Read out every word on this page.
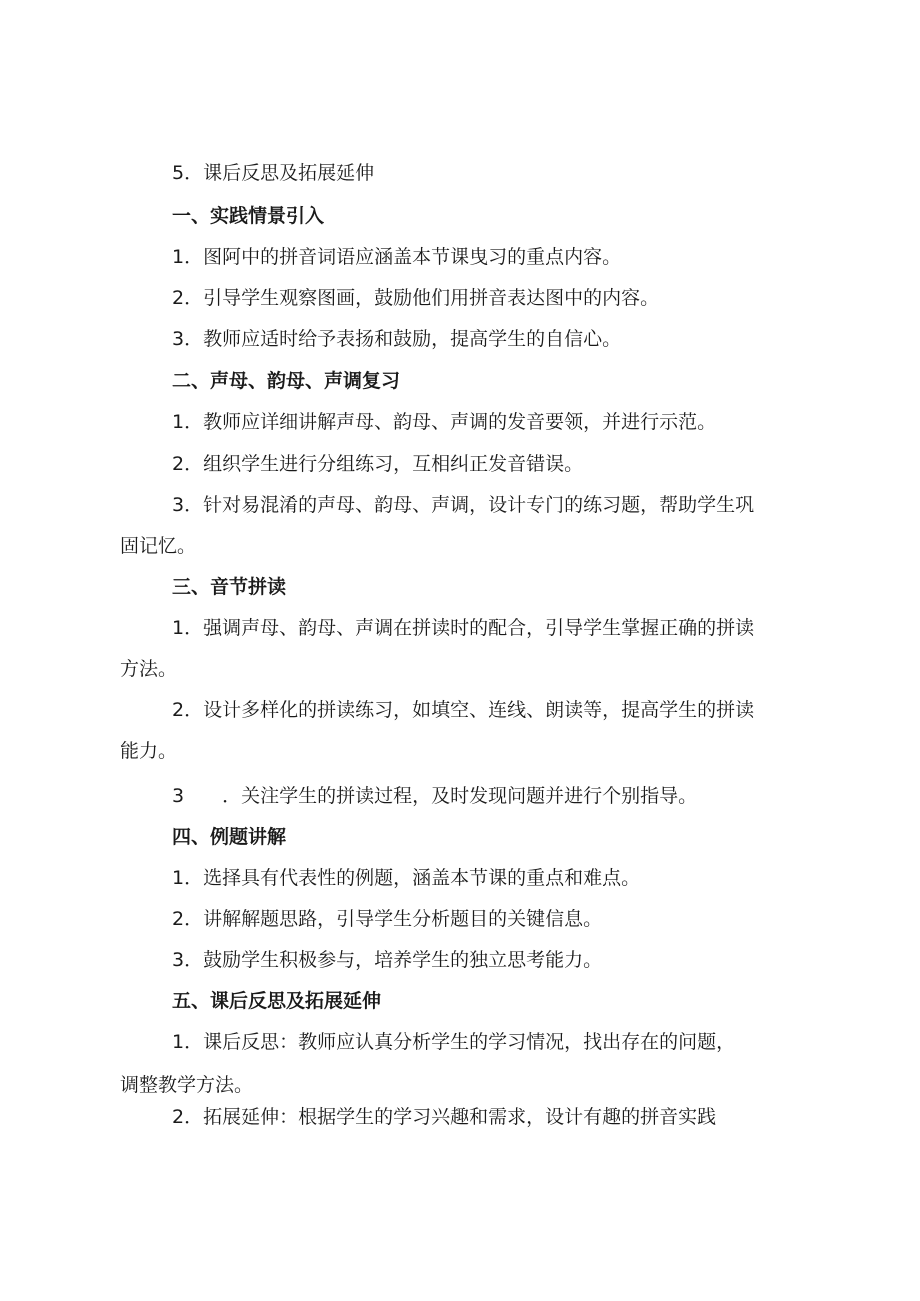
5．课后反思及拓展延伸
一、实践情景引入
1．图阿中的拼音词语应涵盖本节课曳习的重点内容。
2．引导学生观察图画，鼓励他们用拼音表达图中的内容。
3．教师应适时给予表扬和鼓励，提高学生的自信心。
二、声母、韵母、声调复习
1．教师应详细讲解声母、韵母、声调的发音要领，并进行示范。
2．组织学生进行分组练习，互相纠正发音错误。
3．针对易混淆的声母、韵母、声调，设计专门的练习题，帮助学生巩
固记忆。
三、音节拼读
1．强调声母、韵母、声调在拼读时的配合，引导学生掌握正确的拼读
方法。
2．设计多样化的拼读练习，如填空、连线、朗读等，提高学生的拼读
能力。
3　　．关注学生的拼读过程，及时发现问题并进行个别指导。
四、例题讲解
1．选择具有代表性的例题，涵盖本节课的重点和难点。
2．讲解解题思路，引导学生分析题目的关键信息。
3．鼓励学生积极参与，培养学生的独立思考能力。
五、课后反思及拓展延伸
1．课后反思：教师应认真分析学生的学习情况，找出存在的问题，
调整教学方法。
2．拓展延伸：根据学生的学习兴趣和需求，设计有趣的拼音实践
